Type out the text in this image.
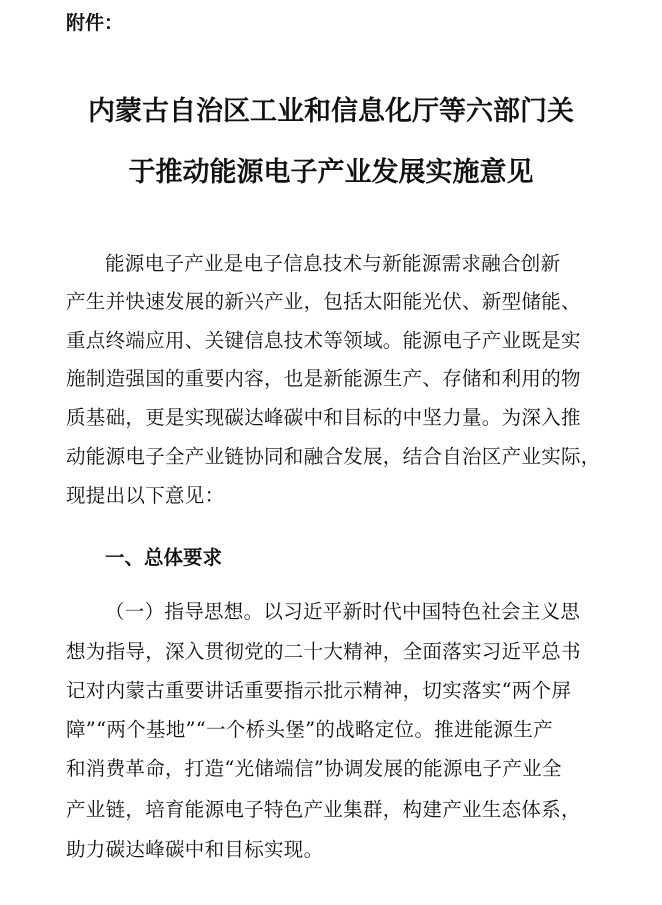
附件：
内蒙古自治区工业和信息化厅等六部门关
于推动能源电子产业发展实施意见
能源电子产业是电子信息技术与新能源需求融合创新
产生并快速发展的新兴产业，包括太阳能光伏、新型储能、
重点终端应用、关键信息技术等领域。能源电子产业既是实
施制造强国的重要内容，也是新能源生产、存储和利用的物
质基础，更是实现碳达峰碳中和目标的中坚力量。为深入推
动能源电子全产业链协同和融合发展，结合自治区产业实际，
现提出以下意见：
一、总体要求
（一）指导思想。以习近平新时代中国特色社会主义思
想为指导，深入贯彻党的二十大精神，全面落实习近平总书
记对内蒙古重要讲话重要指示批示精神，切实落实“两个屏
障”“两个基地”“一个桥头堡”的战略定位。推进能源生产
和消费革命，打造“光储端信”协调发展的能源电子产业全
产业链，培育能源电子特色产业集群，构建产业生态体系，
助力碳达峰碳中和目标实现。
